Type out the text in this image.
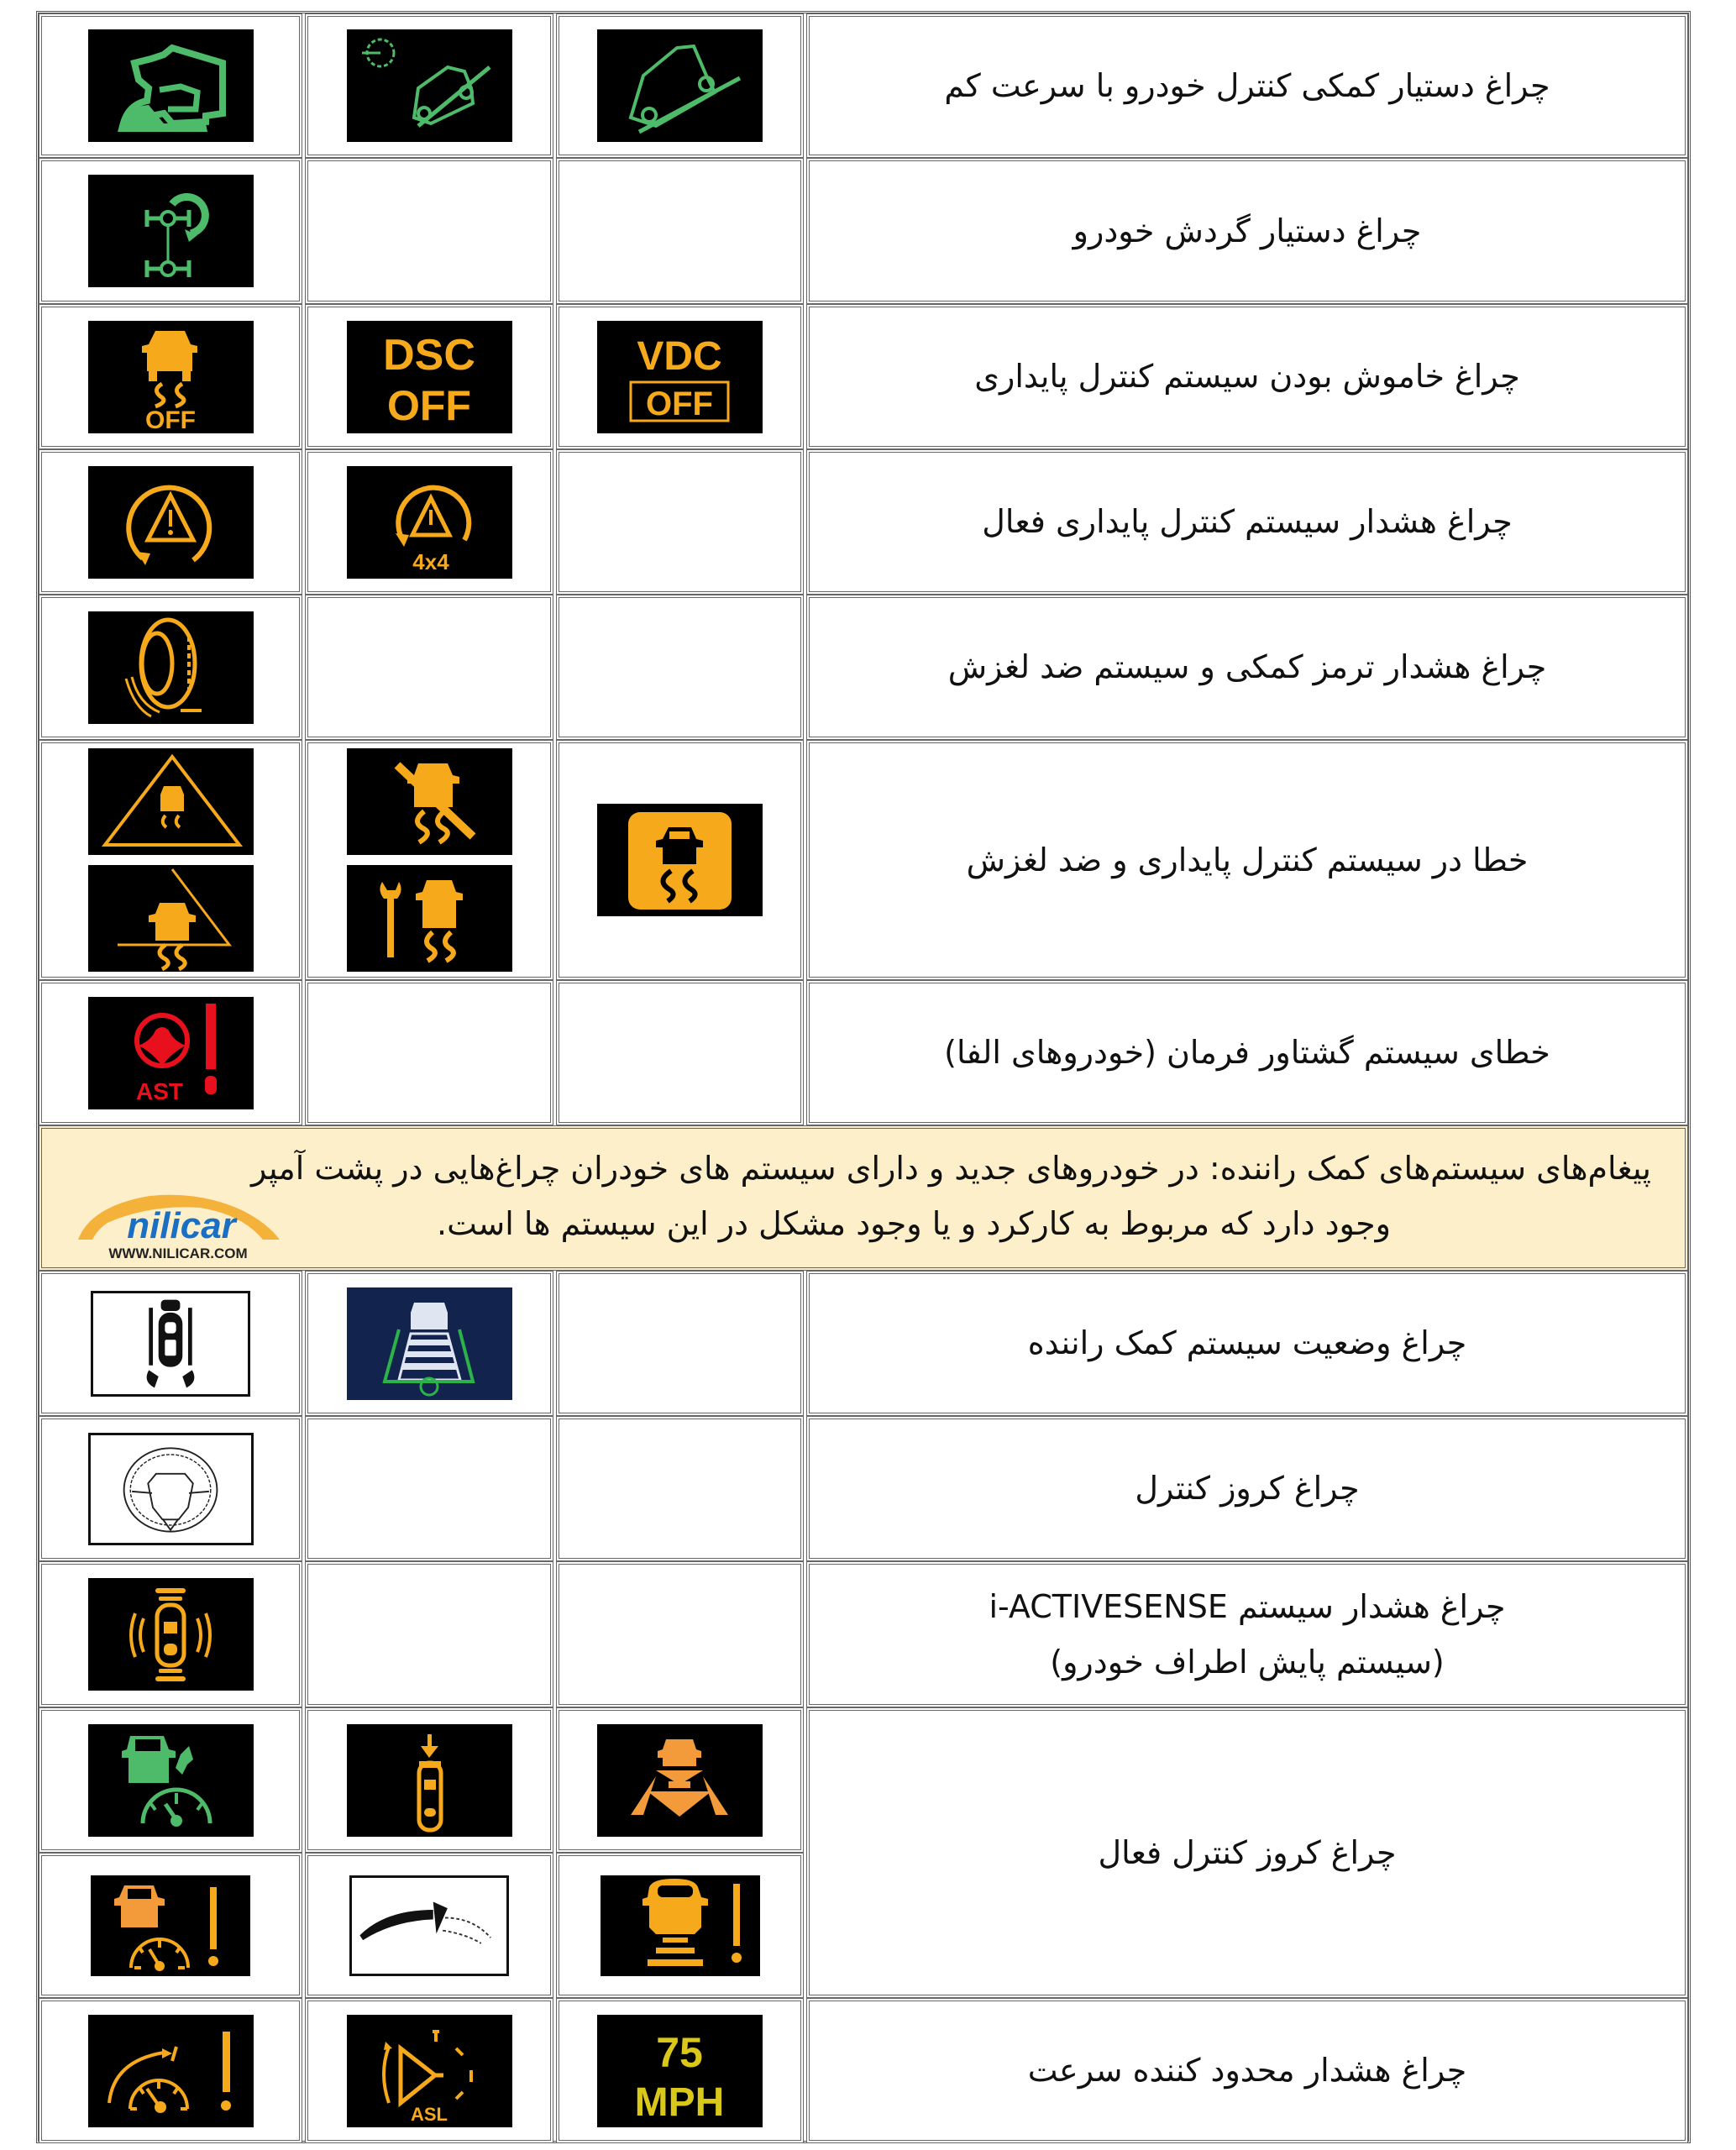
چراغ دستیار کمکی کنترل خودرو با سرعت کم
چراغ دستیار گردش خودرو
OFF
DSC
OFF
VDC
OFF
چراغ خاموش بودن سیستم کنترل پایداری
4x4
چراغ هشدار سیستم کنترل پایداری فعال
چراغ هشدار ترمز کمکی و سیستم ضد لغزش
خطا در سیستم کنترل پایداری و ضد لغزش
AST
خطای سیستم گشتاور فرمان (خودروهای الفا)
پیغام‌های سیستم‌های کمک راننده: در خودروهای جدید و دارای سیستم های خودران چراغ‌هایی در پشت آمپر
وجود دارد که مربوط به کارکرد و یا وجود مشکل در این سیستم ها است.
nilicar
WWW.NILICAR.COM
چراغ وضعیت سیستم کمک راننده
چراغ کروز کنترل
چراغ هشدار سیستم i-ACTIVESENSE
(سیستم پایش اطراف خودرو)
چراغ کروز کنترل فعال
ASL
75
MPH
چراغ هشدار محدود کننده سرعت
